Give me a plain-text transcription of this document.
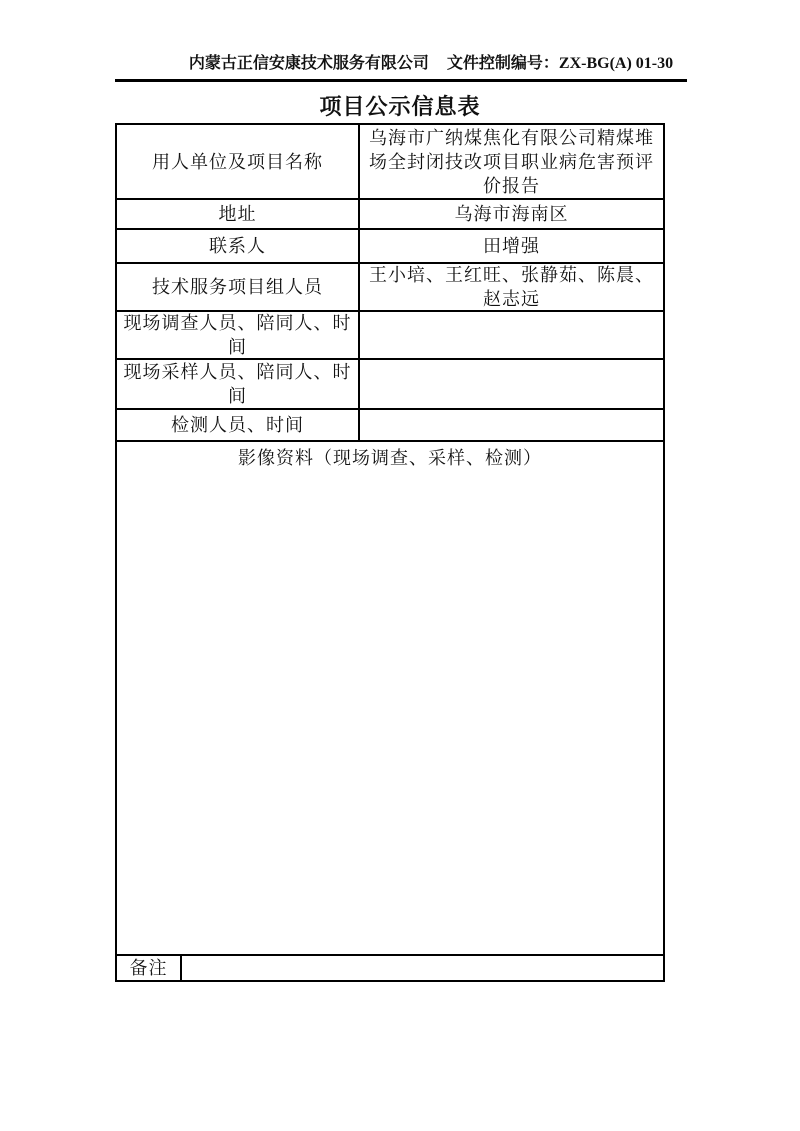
内蒙古正信安康技术服务有限公司 文件控制编号：ZX-BG(A) 01-30
项目公示信息表
用人单位及项目名称
乌海市广纳煤焦化有限公司精煤堆场全封闭技改项目职业病危害预评价报告
地址	乌海市海南区
联系人	田增强
技术服务项目组人员
王小培、王红旺、张静茹、陈晨、赵志远
现场调查人员、陪同人、时间
现场采样人员、陪同人、时间
检测人员、时间
影像资料（现场调查、采样、检测）
备注
